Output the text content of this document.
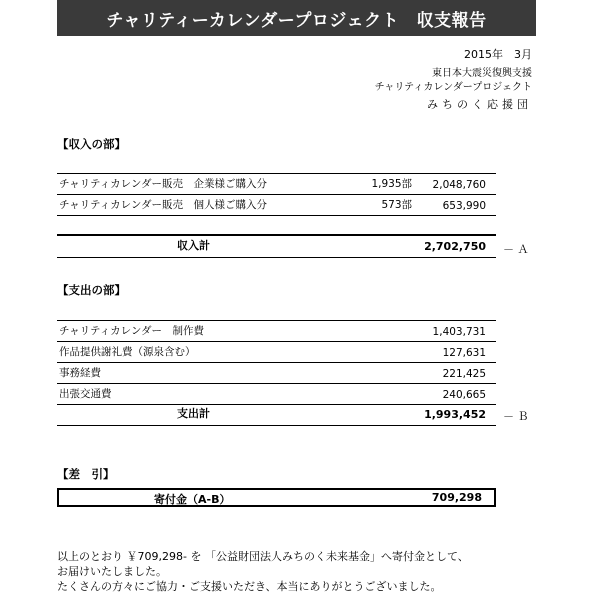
チャリティーカレンダープロジェクト　収支報告
2015年　3月
東日本大震災復興支援
チャリティカレンダープロジェクト
みちのく応援団
【収入の部】
チャリティカレンダー販売　企業様ご購入分	1,935部 2,048,760
チャリティカレンダー販売　個人様ご購入分	573部	653,990
収入計	2,702,750 － Ａ
【支出の部】
チャリティカレンダー　制作費	1,403,731
作品提供謝礼費（源泉含む）	127,631
事務経費	221,425
出張交通費	240,665
支出計	1,993,452 － Ｂ
【差　引】
寄付金（A-B）	709,298
以上のとおり ￥709,298- を 「公益財団法人みちのく未来基金」へ寄付金として、
お届けいたしました。
たくさんの方々にご協力・ご支援いただき、本当にありがとうございました。
